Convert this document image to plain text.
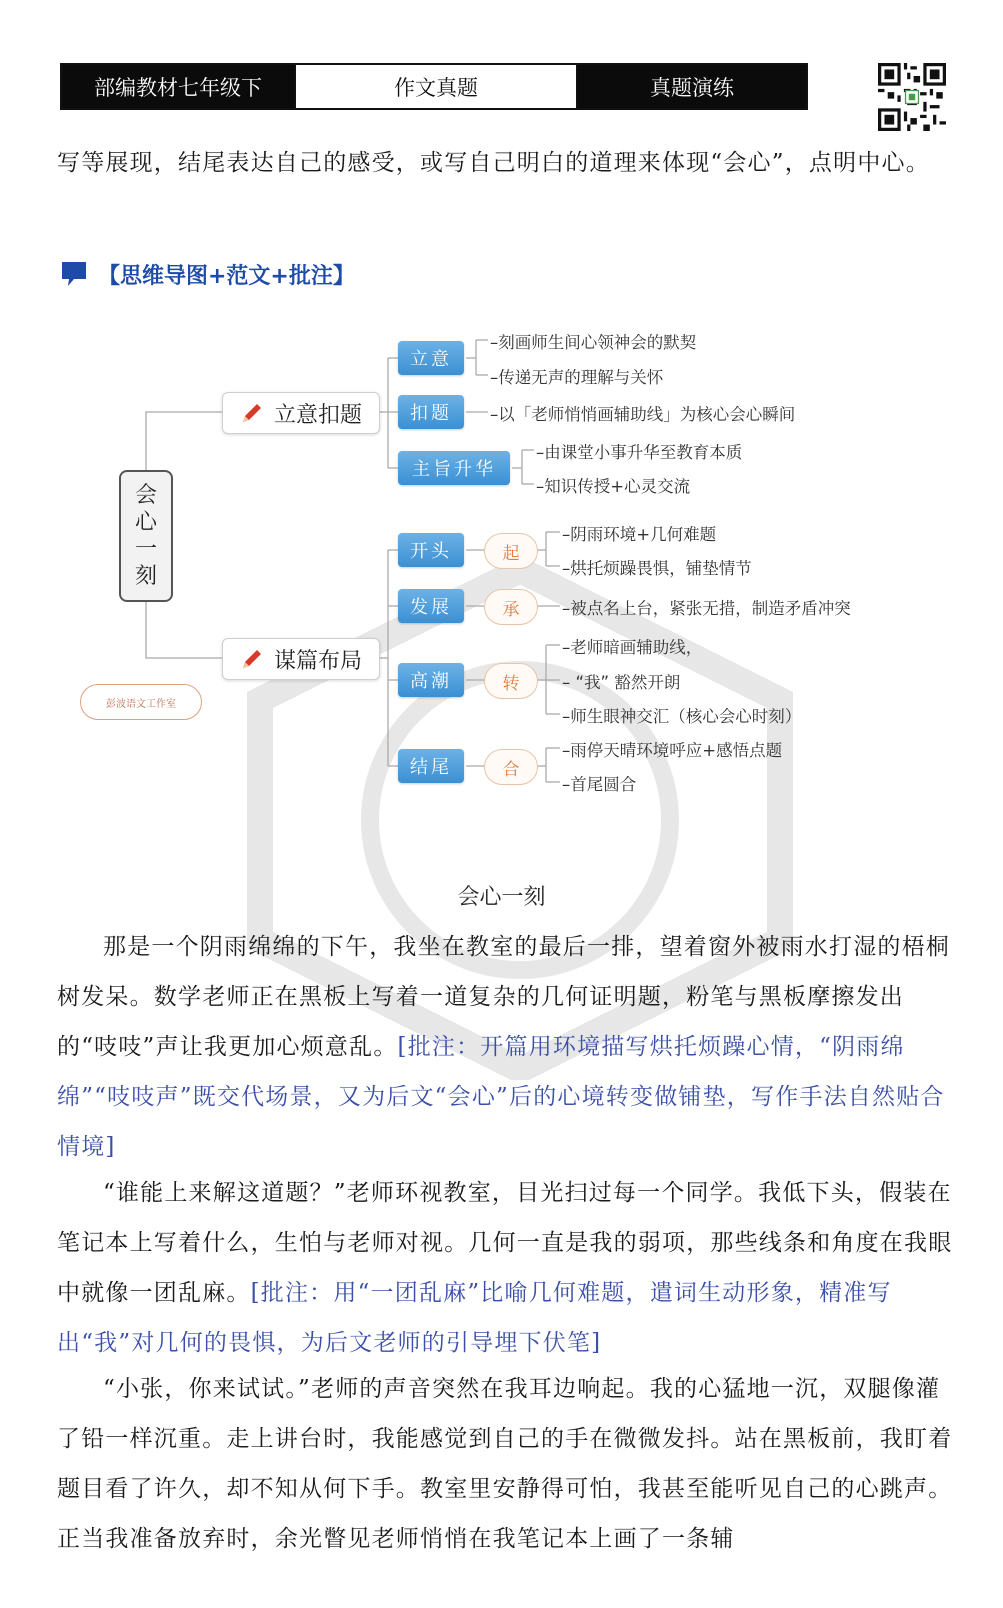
部编教材七年级下	作文真题	真题演练
写等展现，结尾表达自己的感受，或写自己明白的道理来体现“会心”，点明中心。
【思维导图+范文+批注】
会
心
一
刻
彭波语文工作室
立意扣题
谋篇布局
立意
扣题
主旨升华
–刻画师生间心领神会的默契
–传递无声的理解与关怀
–以「老师悄悄画辅助线」为核心会心瞬间
–由课堂小事升华至教育本质
–知识传授+心灵交流
开头
发展
高潮
结尾
起
承
转
合
–阴雨环境+几何难题
–烘托烦躁畏惧，铺垫情节
–被点名上台，紧张无措，制造矛盾冲突
–老师暗画辅助线，
– “我” 豁然开朗
–师生眼神交汇（核心会心时刻）
–雨停天晴环境呼应+感悟点题
–首尾圆合
会心一刻
那是一个阴雨绵绵的下午，我坐在教室的最后一排，望着窗外被雨水打湿的梧桐树发呆。数学老师正在黑板上写着一道复杂的几何证明题，粉笔与黑板摩擦发出的“吱吱”声让我更加心烦意乱。[批注：开篇用环境描写烘托烦躁心情，“阴雨绵绵”“吱吱声”既交代场景，又为后文“会心”后的心境转变做铺垫，写作手法自然贴合情境]
“谁能上来解这道题？”老师环视教室，目光扫过每一个同学。我低下头，假装在笔记本上写着什么，生怕与老师对视。几何一直是我的弱项，那些线条和角度在我眼中就像一团乱麻。[批注：用“一团乱麻”比喻几何难题，遣词生动形象，精准写出“我”对几何的畏惧，为后文老师的引导埋下伏笔]
“小张，你来试试。”老师的声音突然在我耳边响起。我的心猛地一沉，双腿像灌了铅一样沉重。走上讲台时，我能感觉到自己的手在微微发抖。站在黑板前，我盯着题目看了许久，却不知从何下手。教室里安静得可怕，我甚至能听见自己的心跳声。正当我准备放弃时，余光瞥见老师悄悄在我笔记本上画了一条辅
